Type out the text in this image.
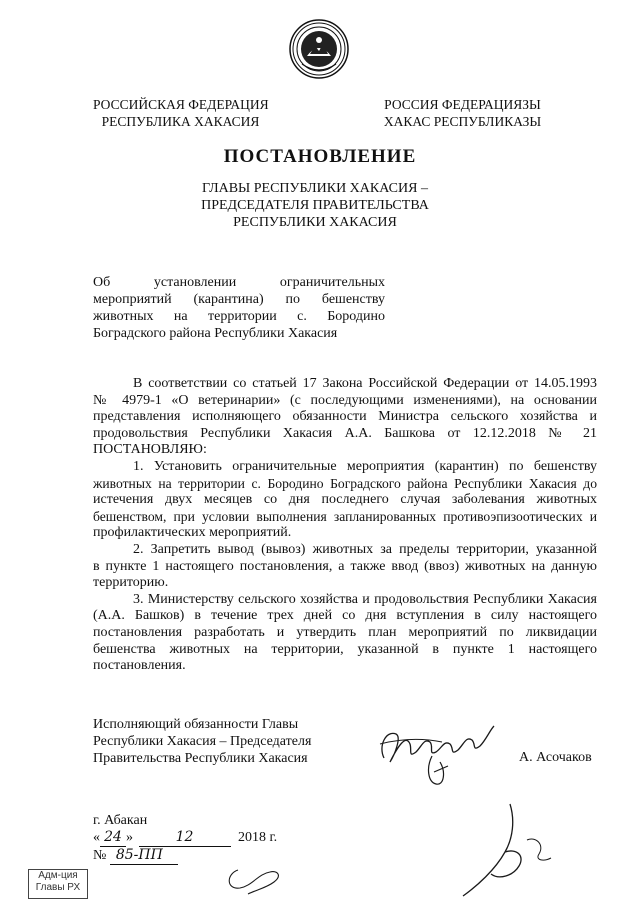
РОССИЙСКАЯ ФЕДЕРАЦИЯ
РЕСПУБЛИКА ХАКАСИЯ
РОССИЯ ФЕДЕРАЦИЯЗЫ
ХАКАС РЕСПУБЛИКАЗЫ
ПОСТАНОВЛЕНИЕ
ГЛАВЫ РЕСПУБЛИКИ ХАКАСИЯ –
ПРЕДСЕДАТЕЛЯ ПРАВИТЕЛЬСТВА
РЕСПУБЛИКИ ХАКАСИЯ
Об установлении ограничительных
мероприятий (карантина) по бешенству
животных на территории с. Бородино
Боградского района Республики Хакасия
В соответствии со статьей 17 Закона Российской Федерации от 14.05.1993
№ 4979-1 «О ветеринарии» (с последующими изменениями), на основании
представления исполняющего обязанности Министра сельского хозяйства и
продовольствия Республики Хакасия А.А. Башкова от 12.12.2018 № 21
ПОСТАНОВЛЯЮ:
1. Установить ограничительные мероприятия (карантин) по бешенству
животных на территории с. Бородино Боградского района Республики Хакасия до
истечения двух месяцев со дня последнего случая заболевания животных
бешенством, при условии выполнения запланированных противоэпизоотических и
профилактических мероприятий.
2. Запретить вывод (вывоз) животных за пределы территории, указанной
в пункте 1 настоящего постановления, а также ввод (ввоз) животных на данную
территорию.
3. Министерству сельского хозяйства и продовольствия Республики Хакасия
(А.А. Башков) в течение трех дней со дня вступления в силу настоящего
постановления разработать и утвердить план мероприятий по ликвидации
бешенства животных на территории, указанной в пункте 1 настоящего
постановления.
Исполняющий обязанности Главы
Республики Хакасия – Председателя
Правительства Республики Хакасия	А. Асочаков
г. Абакан
« 24 »	12	2018 г.
№ 85-ПП
Адм-ция
Главы РХ
